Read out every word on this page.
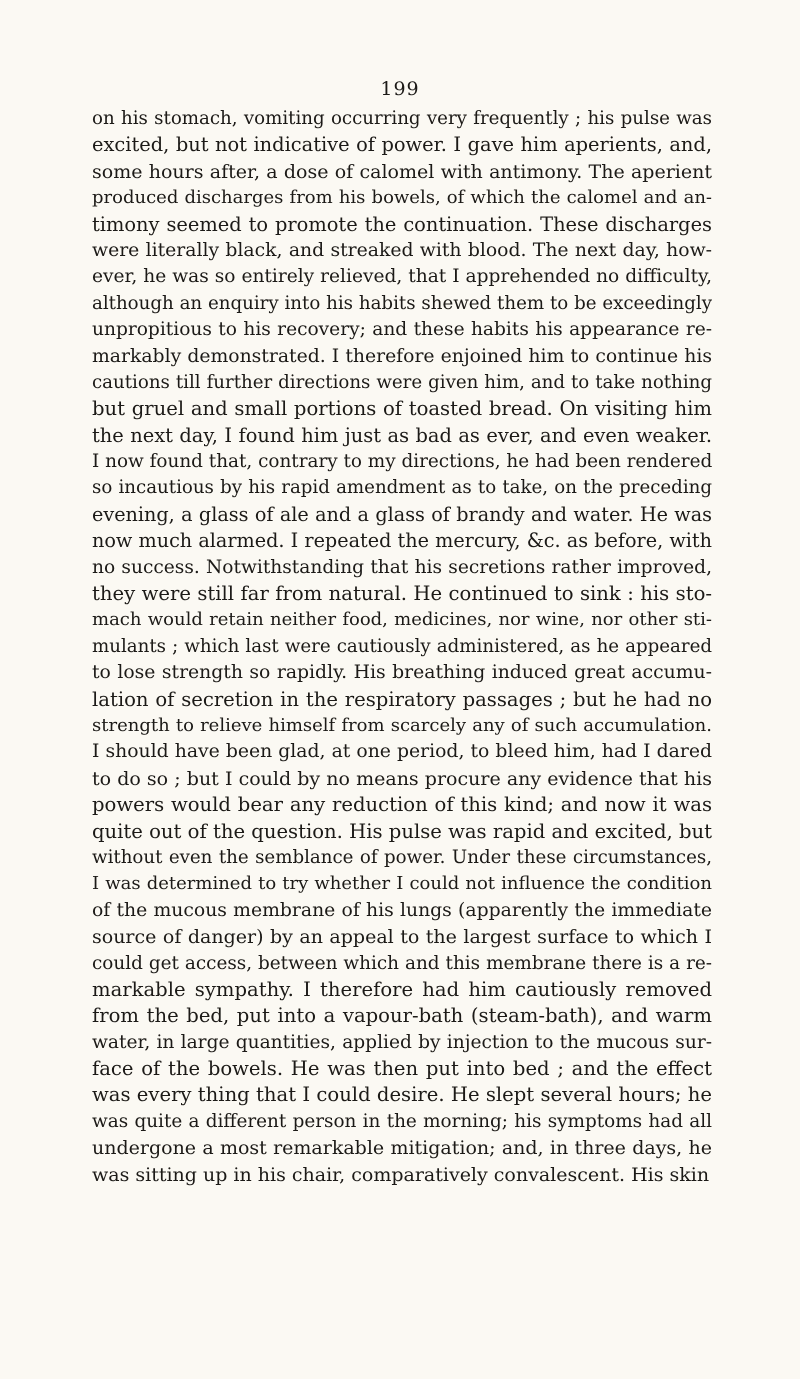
199
on his stomach, vomiting occurring very frequently ; his pulse was
excited, but not indicative of power. I gave him aperients, and,
some hours after, a dose of calomel with antimony. The aperient
produced discharges from his bowels, of which the calomel and an-
timony seemed to promote the continuation. These discharges
were literally black, and streaked with blood. The next day, how-
ever, he was so entirely relieved, that I apprehended no difficulty,
although an enquiry into his habits shewed them to be exceedingly
unpropitious to his recovery; and these habits his appearance re-
markably demonstrated. I therefore enjoined him to continue his
cautions till further directions were given him, and to take nothing
but gruel and small portions of toasted bread. On visiting him
the next day, I found him just as bad as ever, and even weaker.
I now found that, contrary to my directions, he had been rendered
so incautious by his rapid amendment as to take, on the preceding
evening, a glass of ale and a glass of brandy and water. He was
now much alarmed. I repeated the mercury, &c. as before, with
no success. Notwithstanding that his secretions rather improved,
they were still far from natural. He continued to sink : his sto-
mach would retain neither food, medicines, nor wine, nor other sti-
mulants ; which last were cautiously administered, as he appeared
to lose strength so rapidly. His breathing induced great accumu-
lation of secretion in the respiratory passages ; but he had no
strength to relieve himself from scarcely any of such accumulation.
I should have been glad, at one period, to bleed him, had I dared
to do so ; but I could by no means procure any evidence that his
powers would bear any reduction of this kind; and now it was
quite out of the question. His pulse was rapid and excited, but
without even the semblance of power. Under these circumstances,
I was determined to try whether I could not influence the condition
of the mucous membrane of his lungs (apparently the immediate
source of danger) by an appeal to the largest surface to which I
could get access, between which and this membrane there is a re-
markable sympathy. I therefore had him cautiously removed
from the bed, put into a vapour-bath (steam-bath), and warm
water, in large quantities, applied by injection to the mucous sur-
face of the bowels. He was then put into bed ; and the effect
was every thing that I could desire. He slept several hours; he
was quite a different person in the morning; his symptoms had all
undergone a most remarkable mitigation; and, in three days, he
was sitting up in his chair, comparatively convalescent. His skin
